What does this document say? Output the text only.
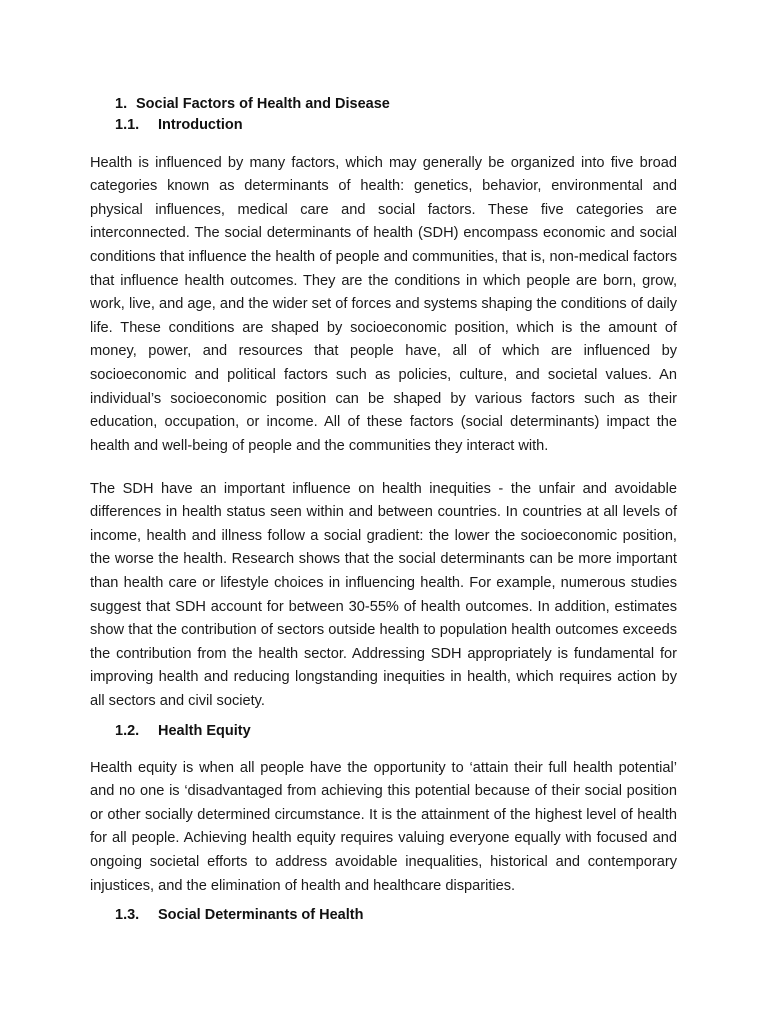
1. Social Factors of Health and Disease
1.1. Introduction

Health is influenced by many factors, which may generally be organized into five broad categories known as determinants of health: genetics, behavior, environmental and physical influences, medical care and social factors. These five categories are interconnected. The social determinants of health (SDH) encompass economic and social conditions that influence the health of people and communities, that is, non-medical factors that influence health outcomes. They are the conditions in which people are born, grow, work, live, and age, and the wider set of forces and systems shaping the conditions of daily life. These conditions are shaped by socioeconomic position, which is the amount of money, power, and resources that people have, all of which are influenced by socioeconomic and political factors such as policies, culture, and societal values. An individual’s socioeconomic position can be shaped by various factors such as their education, occupation, or income. All of these factors (social determinants) impact the health and well-being of people and the communities they interact with.

The SDH have an important influence on health inequities - the unfair and avoidable differences in health status seen within and between countries. In countries at all levels of income, health and illness follow a social gradient: the lower the socioeconomic position, the worse the health. Research shows that the social determinants can be more important than health care or lifestyle choices in influencing health. For example, numerous studies suggest that SDH account for between 30-55% of health outcomes. In addition, estimates show that the contribution of sectors outside health to population health outcomes exceeds the contribution from the health sector. Addressing SDH appropriately is fundamental for improving health and reducing longstanding inequities in health, which requires action by all sectors and civil society.

1.2. Health Equity

Health equity is when all people have the opportunity to ‘attain their full health potential’ and no one is ‘disadvantaged from achieving this potential because of their social position or other socially determined circumstance. It is the attainment of the highest level of health for all people. Achieving health equity requires valuing everyone equally with focused and ongoing societal efforts to address avoidable inequalities, historical and contemporary injustices, and the elimination of health and healthcare disparities.

1.3. Social Determinants of Health
